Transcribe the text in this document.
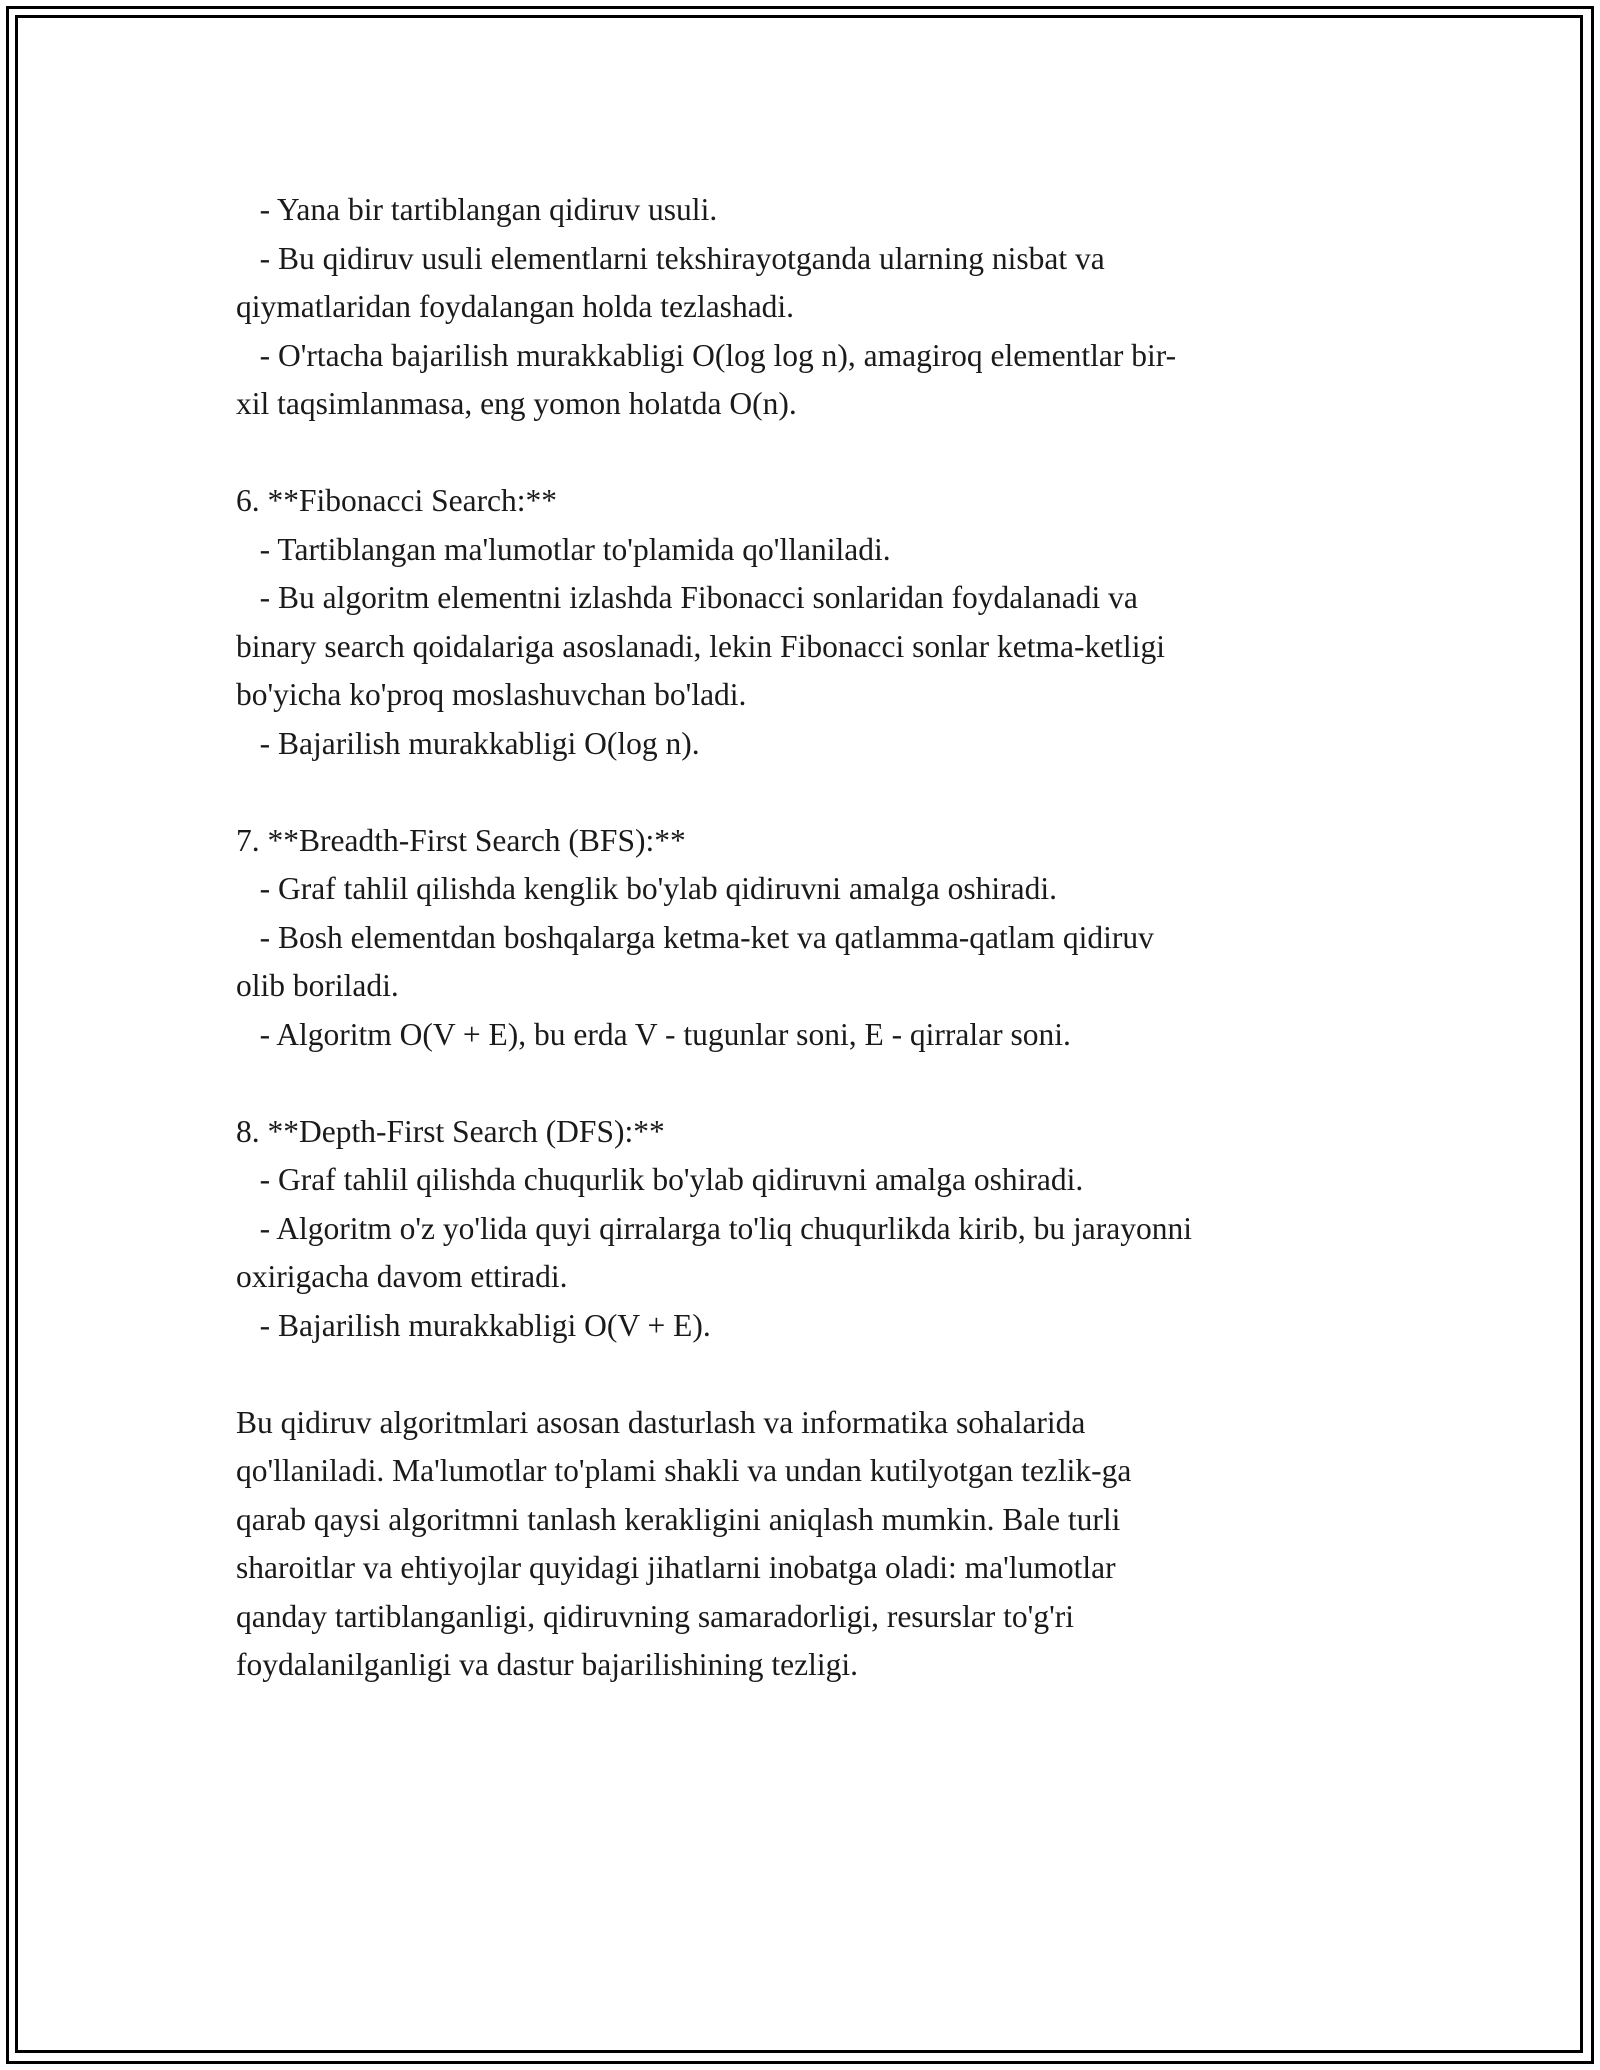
- Yana bir tartiblangan qidiruv usuli.
- Bu qidiruv usuli elementlarni tekshirayotganda ularning nisbat va
qiymatlaridan foydalangan holda tezlashadi.
- O'rtacha bajarilish murakkabligi O(log log n), amagiroq elementlar bir-
xil taqsimlanmasa, eng yomon holatda O(n).
6. **Fibonacci Search:**
- Tartiblangan ma'lumotlar to'plamida qo'llaniladi.
- Bu algoritm elementni izlashda Fibonacci sonlaridan foydalanadi va
binary search qoidalariga asoslanadi, lekin Fibonacci sonlar ketma-ketligi
bo'yicha ko'proq moslashuvchan bo'ladi.
- Bajarilish murakkabligi O(log n).
7. **Breadth-First Search (BFS):**
- Graf tahlil qilishda kenglik bo'ylab qidiruvni amalga oshiradi.
- Bosh elementdan boshqalarga ketma-ket va qatlamma-qatlam qidiruv
olib boriladi.
- Algoritm O(V + E), bu erda V - tugunlar soni, E - qirralar soni.
8. **Depth-First Search (DFS):**
- Graf tahlil qilishda chuqurlik bo'ylab qidiruvni amalga oshiradi.
- Algoritm o'z yo'lida quyi qirralarga to'liq chuqurlikda kirib, bu jarayonni
oxirigacha davom ettiradi.
- Bajarilish murakkabligi O(V + E).
Bu qidiruv algoritmlari asosan dasturlash va informatika sohalarida
qo'llaniladi. Ma'lumotlar to'plami shakli va undan kutilyotgan tezlik-ga
qarab qaysi algoritmni tanlash kerakligini aniqlash mumkin. Bale turli
sharoitlar va ehtiyojlar quyidagi jihatlarni inobatga oladi: ma'lumotlar
qanday tartiblanganligi, qidiruvning samaradorligi, resurslar to'g'ri
foydalanilganligi va dastur bajarilishining tezligi.
